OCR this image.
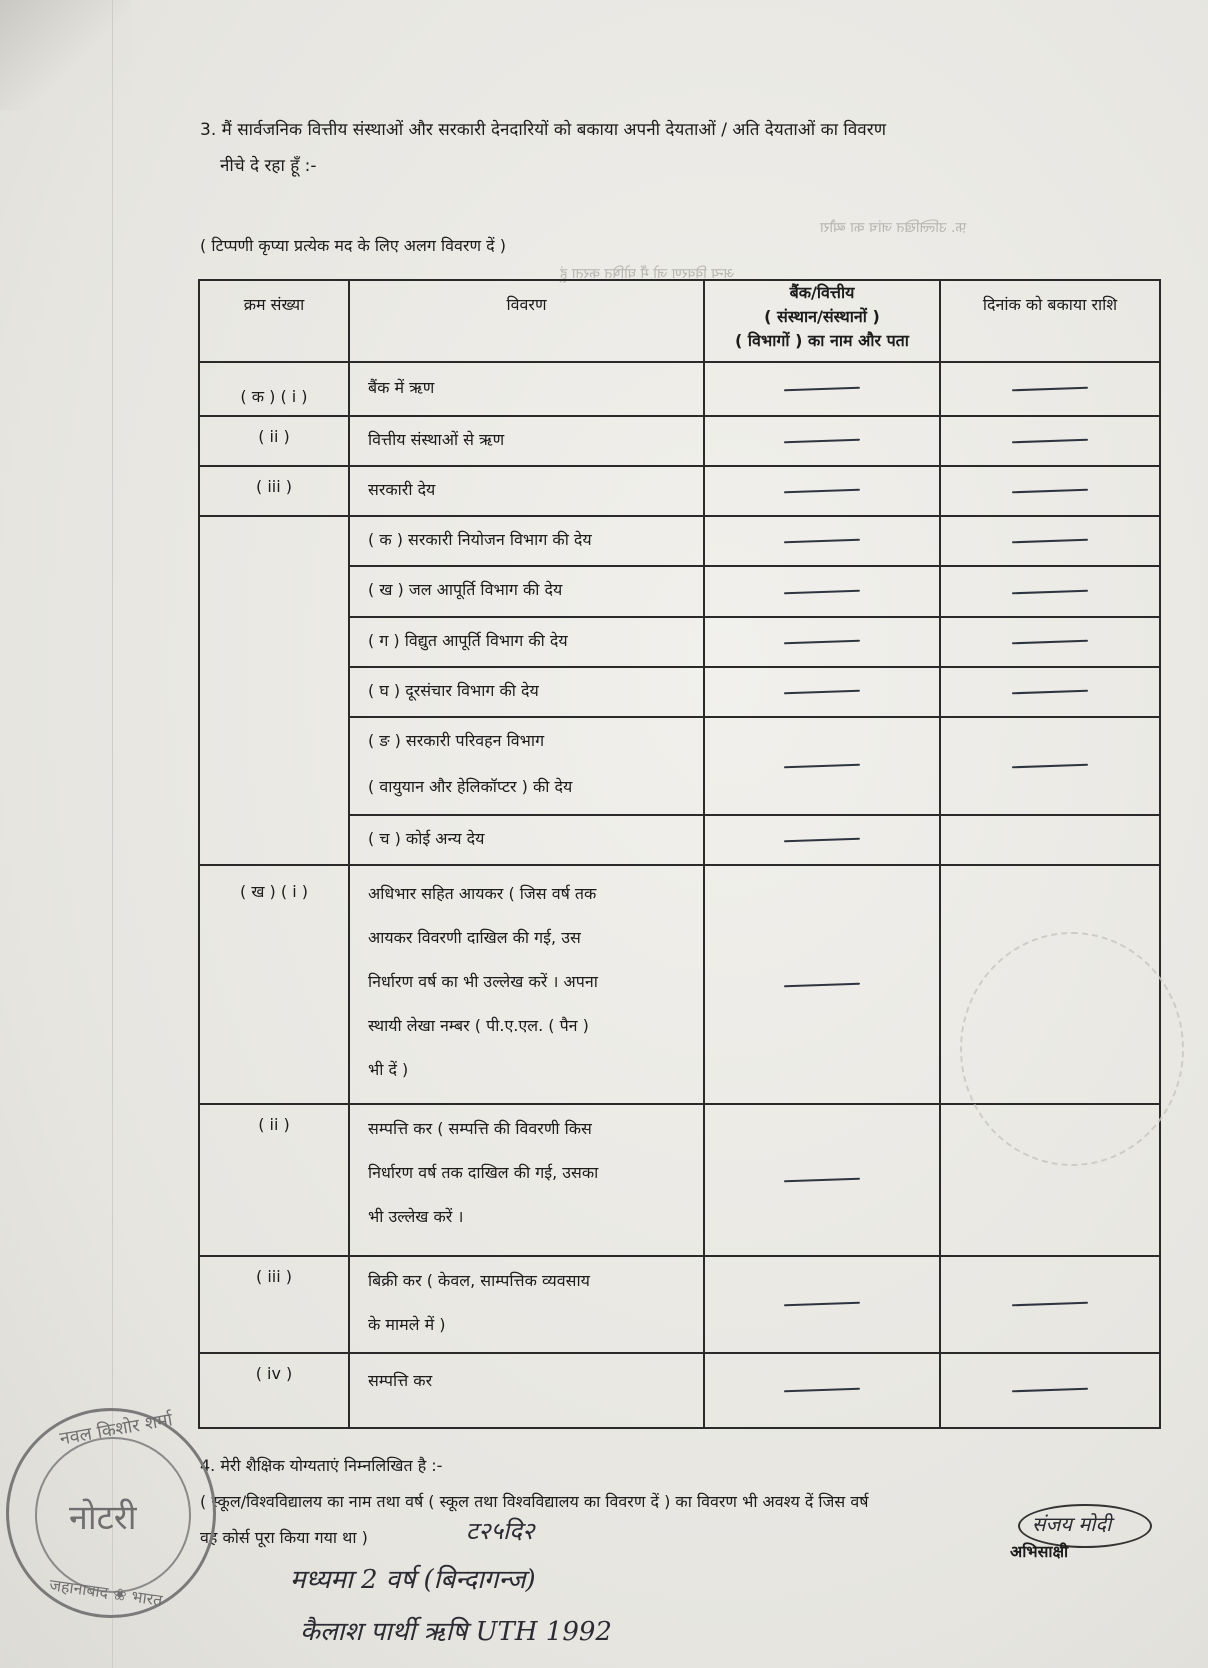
फ़. उल्लिखित जांच का ब्यौरा
अन्य विवरण जो मैं घोषित करता हूं
3. मैं सार्वजनिक वित्तीय संस्थाओं और सरकारी देनदारियों को बकाया अपनी देयताओं / अति देयताओं का विवरण
नीचे दे रहा हूँ :-
( टिप्पणी कृप्या प्रत्येक मद के लिए अलग विवरण दें )
क्रम संख्या	विवरण	बैंक/वित्तीय
( संस्थान/संस्थानों )
( विभागों ) का नाम और पता	दिनांक को बकाया राशि
( क ) ( i )	बैंक में ऋण	

( ii )	वित्तीय संस्थाओं से ऋण	

( iii )	सरकारी देय	

	( क ) सरकारी नियोजन विभाग की देय	

	( ख ) जल आपूर्ति विभाग की देय	

	( ग ) विद्युत आपूर्ति विभाग की देय	

	( घ ) दूरसंचार विभाग की देय	

	( ङ ) सरकारी परिवहन विभाग
( वायुयान और हेलिकॉप्टर ) की देय		

	( च ) कोई अन्य देय	

( ख ) ( i )	अधिभार सहित आयकर ( जिस वर्ष तक
आयकर विवरणी दाखिल की गई, उस
निर्धारण वर्ष का भी उल्लेख करें । अपना
स्थायी लेखा नम्बर ( पी.ए.एल. ( पैन )
भी दें )		

( ii )	सम्पत्ति कर ( सम्पत्ति की विवरणी किस
निर्धारण वर्ष तक दाखिल की गई, उसका
भी उल्लेख करें ।		

( iii )	बिक्री कर ( केवल, साम्पत्तिक व्यवसाय
के मामले में )		

( iv )	सम्पत्ति कर	

4. मेरी शैक्षिक योग्यताएं निम्नलिखित है :-
( स्कूल/विश्वविद्यालय का नाम तथा वर्ष ( स्कूल तथा विश्वविद्यालय का विवरण दें ) का विवरण भी अवश्य दें जिस वर्ष
वह कोर्स पूरा किया गया था )	ट२५दि२
मध्यमा 2 वर्ष (बिन्दागन्ज)
कैलाश पार्थी ऋषि UTH 1992
नवल किशोर शर्मा
नोटरी
जहानाबाद ❀ भारत
संजय मोदी
अभिसाक्षी
